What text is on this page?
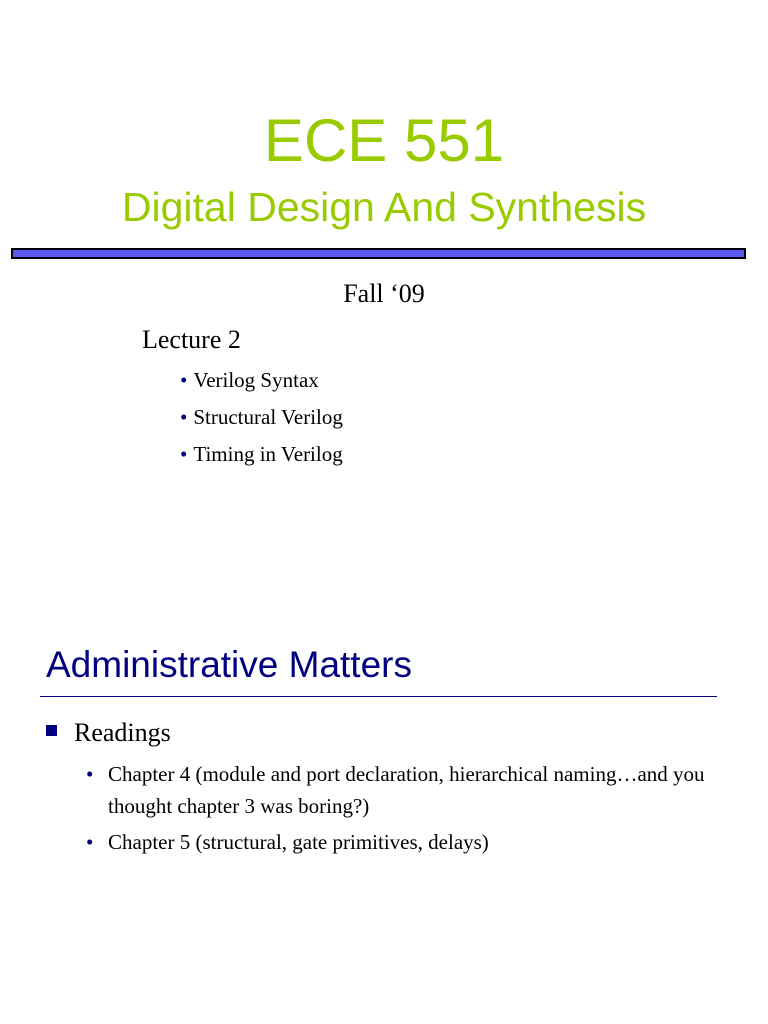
ECE 551
Digital Design And Synthesis
Fall ‘09
Lecture 2
• Verilog Syntax
• Structural Verilog
• Timing in Verilog
Administrative Matters
Readings
• Chapter 4 (module and port declaration, hierarchical naming…and you thought chapter 3 was boring?)
• Chapter 5 (structural, gate primitives, delays)
